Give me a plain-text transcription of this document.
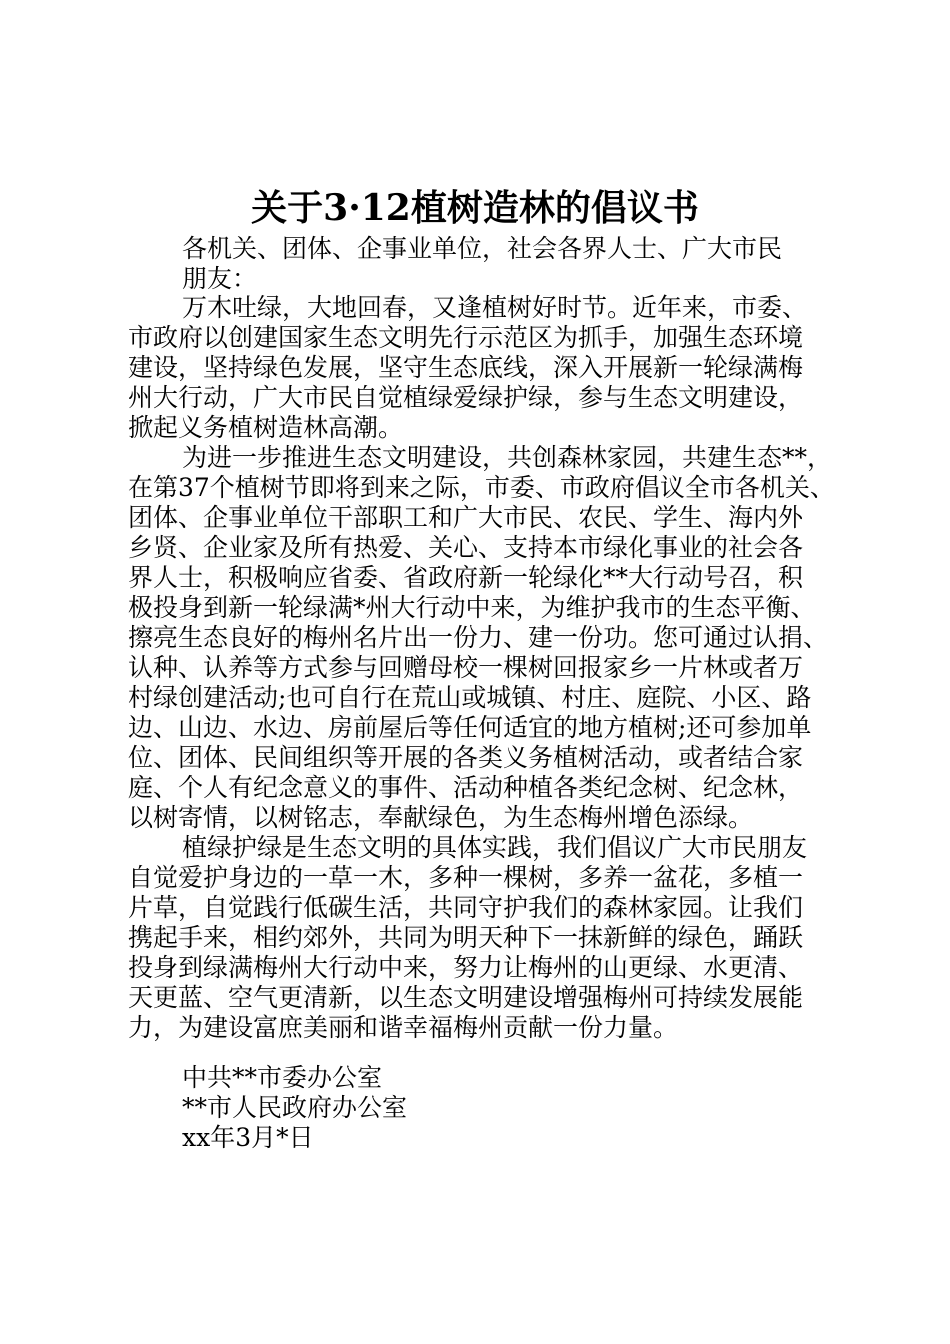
关于3·12植树造林的倡议书
各机关、团体、企事业单位，社会各界人士、广大市民
朋友：
万木吐绿，大地回春，又逢植树好时节。近年来，市委、
市政府以创建国家生态文明先行示范区为抓手，加强生态环境
建设，坚持绿色发展，坚守生态底线，深入开展新一轮绿满梅
州大行动，广大市民自觉植绿爱绿护绿，参与生态文明建设，
掀起义务植树造林高潮。
为进一步推进生态文明建设，共创森林家园，共建生态**，
在第37个植树节即将到来之际，市委、市政府倡议全市各机关、
团体、企事业单位干部职工和广大市民、农民、学生、海内外
乡贤、企业家及所有热爱、关心、支持本市绿化事业的社会各
界人士，积极响应省委、省政府新一轮绿化**大行动号召，积
极投身到新一轮绿满*州大行动中来，为维护我市的生态平衡、
擦亮生态良好的梅州名片出一份力、建一份功。您可通过认捐、
认种、认养等方式参与回赠母校一棵树回报家乡一片林或者万
村绿创建活动;也可自行在荒山或城镇、村庄、庭院、小区、路
边、山边、水边、房前屋后等任何适宜的地方植树;还可参加单
位、团体、民间组织等开展的各类义务植树活动，或者结合家
庭、个人有纪念意义的事件、活动种植各类纪念树、纪念林，
以树寄情，以树铭志，奉献绿色，为生态梅州增色添绿。
植绿护绿是生态文明的具体实践，我们倡议广大市民朋友
自觉爱护身边的一草一木，多种一棵树，多养一盆花，多植一
片草，自觉践行低碳生活，共同守护我们的森林家园。让我们
携起手来，相约郊外，共同为明天种下一抹新鲜的绿色，踊跃
投身到绿满梅州大行动中来，努力让梅州的山更绿、水更清、
天更蓝、空气更清新，以生态文明建设增强梅州可持续发展能
力，为建设富庶美丽和谐幸福梅州贡献一份力量。
中共**市委办公室
**市人民政府办公室
xx年3月*日
